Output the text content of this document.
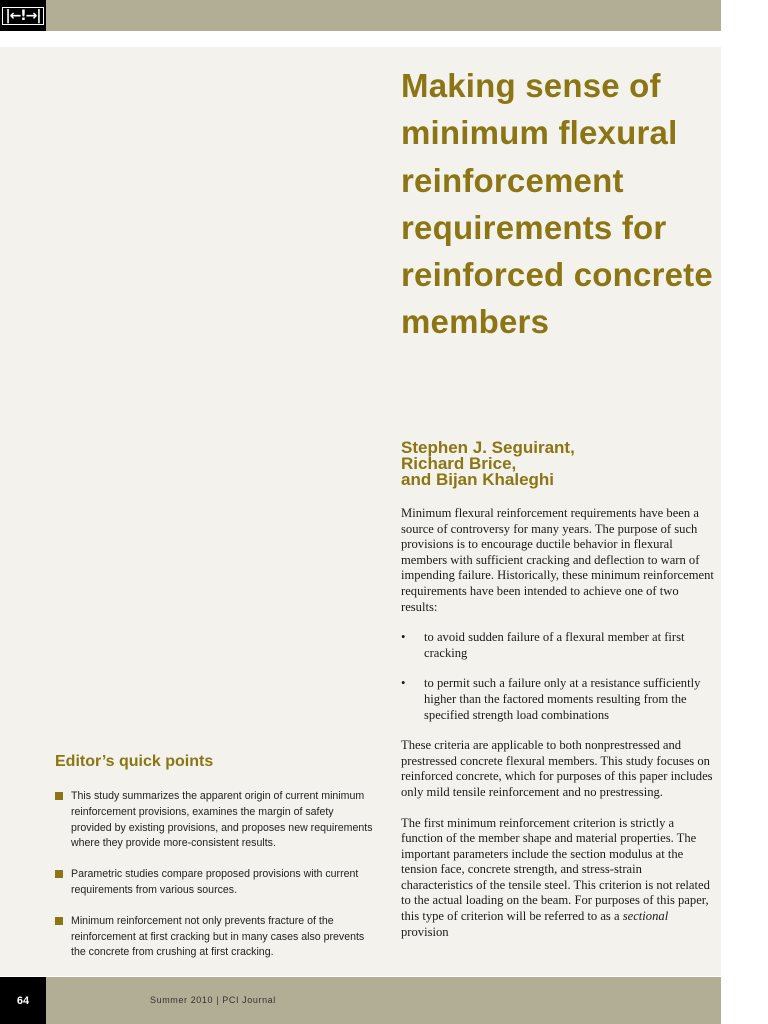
|←!→|
Making sense of minimum flexural reinforcement requirements for reinforced concrete members
Stephen J. Seguirant,
Richard Brice,
and Bijan Khaleghi

Minimum flexural reinforcement requirements have been a source of controversy for many years. The purpose of such provisions is to encourage ductile behavior in flexural members with sufficient cracking and deflection to warn of impending failure. Historically, these minimum reinforcement requirements have been intended to achieve one of two results:

• to avoid sudden failure of a flexural member at first cracking
• to permit such a failure only at a resistance sufficiently higher than the factored moments resulting from the specified strength load combinations

These criteria are applicable to both nonprestressed and prestressed concrete flexural members. This study focuses on reinforced concrete, which for purposes of this paper includes only mild tensile reinforcement and no prestressing.

The first minimum reinforcement criterion is strictly a function of the member shape and material properties. The important parameters include the section modulus at the tension face, concrete strength, and stress-strain characteristics of the tensile steel. This criterion is not related to the actual loading on the beam. For purposes of this paper, this type of criterion will be referred to as a sectional provision

Editor’s quick points
This study summarizes the apparent origin of current minimum reinforcement provisions, examines the margin of safety provided by existing provisions, and proposes new requirements where they provide more-consistent results.
Parametric studies compare proposed provisions with current requirements from various sources.
Minimum reinforcement not only prevents fracture of the reinforcement at first cracking but in many cases also prevents the concrete from crushing at first cracking.
64	Summer 2010 | PCI Journal
